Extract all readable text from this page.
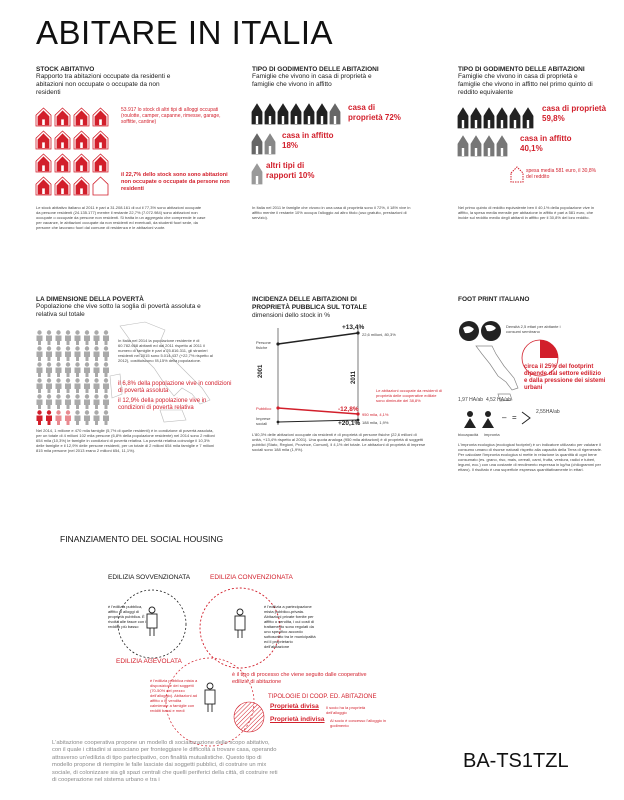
ABITARE IN ITALIA
STOCK ABITATIVO
Rapporto tra abitazioni occupate da residenti e abitazioni non occupate o occupate da non residenti
53.917 lo stock di altri tipi di alloggi occupati (roulotte, camper, capanne, rimesse, garage, soffitte, cantine)
il 22,7% dello stock sono sono abitazioni non occupate o occupate da persone non residenti
Le stock abitativo italiano al 2011 è pari a 31.208.161 di cui il 77,3% sono abitazioni occupate da persone residenti (24.135.177) mentre il restante 22,7% (7.072.984) sono abitazioni non occupate o occupate da persone non residenti. Si tratta in un aggregato che comprende le case per vacanze, le abitazioni occupate da non residenti ed eventuali, da studenti fuori sede, da persone che lavorano fuori dal comune di residenza e le abitazioni vuote.
TIPO DI GODIMENTO DELLE ABITAZIONI
Famiglie che vivono in casa di proprietà e famiglie che vivono in affitto
casa di proprietà 72%
casa in affitto 18%
altri tipi di rapporti 10%
In Italia nel 2011 le famiglie che vivono in una casa di proprietà sono il 72%, il 18% vive in affitto mentre il restante 10% occupa l'alloggio ad altro titolo (uso gratuito, prestazioni di servizio).
TIPO DI GODIMENTO DELLE ABITAZIONI
Famiglie che vivono in casa di proprietà e famiglie che vivono in affitto nel primo quinto di reddito equivalente
casa di proprietà 59,8%
casa in affitto 40,1%
spesa media 581 euro, il 30,8% del reddito
Nel primo quinto di reddito equivalente ben il 40,1% della popolazione vive in affitto, la spesa media mensile per abitazione in affitto è pari a 581 euro, che incide sul reddito medio degli abitanti in affitto per il 30,8% del loro reddito.
LA DIMENSIONE DELLA POVERTÀ
Popolazione che vive sotto la soglia di povertà assoluta e relativa sul totale
In Italia nel 2014 la popolazione residente è di 60.782.668 abitanti ed dal 2011 rispetto al 2011 il numero di famiglie è pari a 25.816.311, gli stranieri residenti nel 2015 sono 5.014.437 (+22,7% rispetto al 2012), costituiscono l'8,15% della popolazione.
il 6,8% della popolazione vive in condizioni di povertà assoluta
il 12,9% della popolazione vive in condizioni di povertà relativa
Nel 2014, 1 milione e 470 mila famiglie (5,7% di quelle residenti) è in condizione di povertà assoluta, per un totale di 4 milioni 102 mila persone (6,8% della popolazione residente) nel 2014 sono 2 milioni 654 mila (10,3%) le famiglie in condizioni di povertà relativa. La povertà relativa coinvolge il 10,3% delle famiglie e il 12,9% delle persone residenti, per un totale di 2 milioni 654 mila famiglie e 7 milioni 815 mila persone (nel 2013 erano 2 milioni 654, 11,1%).
INCIDENZA DELLE ABITAZIONI DI PROPRIETÀ PUBBLICA SUL TOTALE
dimensioni dello stock in %
2001	2011
Persone fisiche
Pubblico
Imprese sociali
+13,4%
22,6 milioni, 80,3%
-12,8%
950 mila, 4,1%
+20,1% 188 mila, 1,9%
Le abitazioni occupate da residenti di proprietà delle cooperative edilizie sono diminuite del 38,8%
L'80,3% delle abitazioni occupate da residenti è di proprietà di persone fisiche (22,6 milioni di unità, +13,4% rispetto al 2001). Una quota analoga (950 mila abitazioni) è di proprietà di soggetti pubblici (Stato, Regioni, Province, Comuni), il 4,1% del totale. Le abitazioni di proprietà di imprese sociali sono 188 mila (1,9%).
FOOT PRINT ITALIANO
Densità 2,5 ettari per abitante i consumi sembrano
circa il 25% del footprint dipende dal settore edilizio e dalla pressione dei sistemi urbani
– =
1,97 HA/ab 4,52 HA/ab
2,55HA/ab
biocapacità impronta
L'impronta ecologica (ecological footprint) è un indicatore utilizzato per valutare il consumo umano di risorse naturali rispetto alla capacità della Terra di rigenerarle. Per calcolare l'impronta ecologica si mette in relazione la quantità di ogni bene consumato (es. grano, riso, mais, cereali, carni, frutta, verdura, radici e tuberi, legumi, ecc.) con una costante di rendimento espressa in kg/ha (chilogrammi per ettaro). Il risultato è una superficie espressa quantitativamente in ettari.
FINANZIAMENTO DEL SOCIAL HOUSING
EDILIZIA SOVVENZIONATA	EDILIZIA CONVENZIONATA
è l'edilizia pubblica, affitto di alloggi di proprietà pubblica. È rivolta alle fasce con il reddito più basso
è l'edilizia a partecipazione mista pubblico-privata. Abitazioni private fornite per affitto o vendita, i cui costi di trattamento sono regolati da uno specifico accordo sottoscritto tra le municipalità ed il proprietario dell'abitazione
EDILIZIA AGEVOLATA
è l'edilizia pubblica mista a disposizione dei soggetti (70-50% del prezzo dell'alloggio). Abitazioni ad affitto o in vendita calmierate a famiglie con redditi bassi e medi
è il tipo di processo che viene seguito dalle cooperative edilizie di abitazione
TIPOLOGIE DI COOP. ED. ABITAZIONE
Proprietà divisa Il socio ha la proprietà dell'alloggio
Proprietà indivisa Al socio è concesso l'alloggio in godimento
L'abitazione cooperativa propone un modello di socializzazione dello scopo abitativo, con il quale i cittadini si associano per fronteggiare le difficoltà a trovare casa, operando attraverso un'edilizia di tipo partecipativo, con finalità mutualistiche. Questo tipo di modello propone di riempire le falle lasciate dai soggetti pubblici, di costruire un mix sociale, di colonizzare sia gli spazi centrali che quelli periferici della città, di costruire reti di cooperazione nel sistema urbano e tra i
BA-TS1TZL
